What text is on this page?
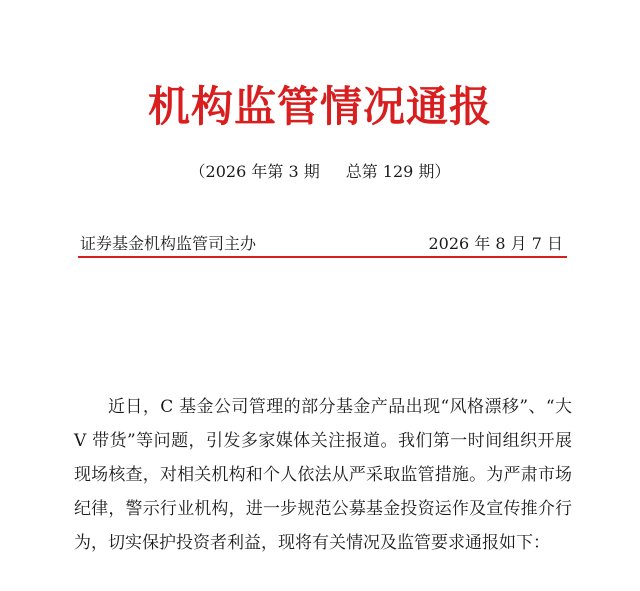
机构监管情况通报
（2026 年第 3 期 总第 129 期）
证券基金机构监管司主办	2026 年 8 月 7 日

近日，C 基金公司管理的部分基金产品出现“风格漂移”、“大 V 带货”等问题，引发多家媒体关注报道。我们第一时间组织开展现场核查，对相关机构和个人依法从严采取监管措施。为严肃市场纪律，警示行业机构，进一步规范公募基金投资运作及宣传推介行为，切实保护投资者利益，现将有关情况及监管要求通报如下：
